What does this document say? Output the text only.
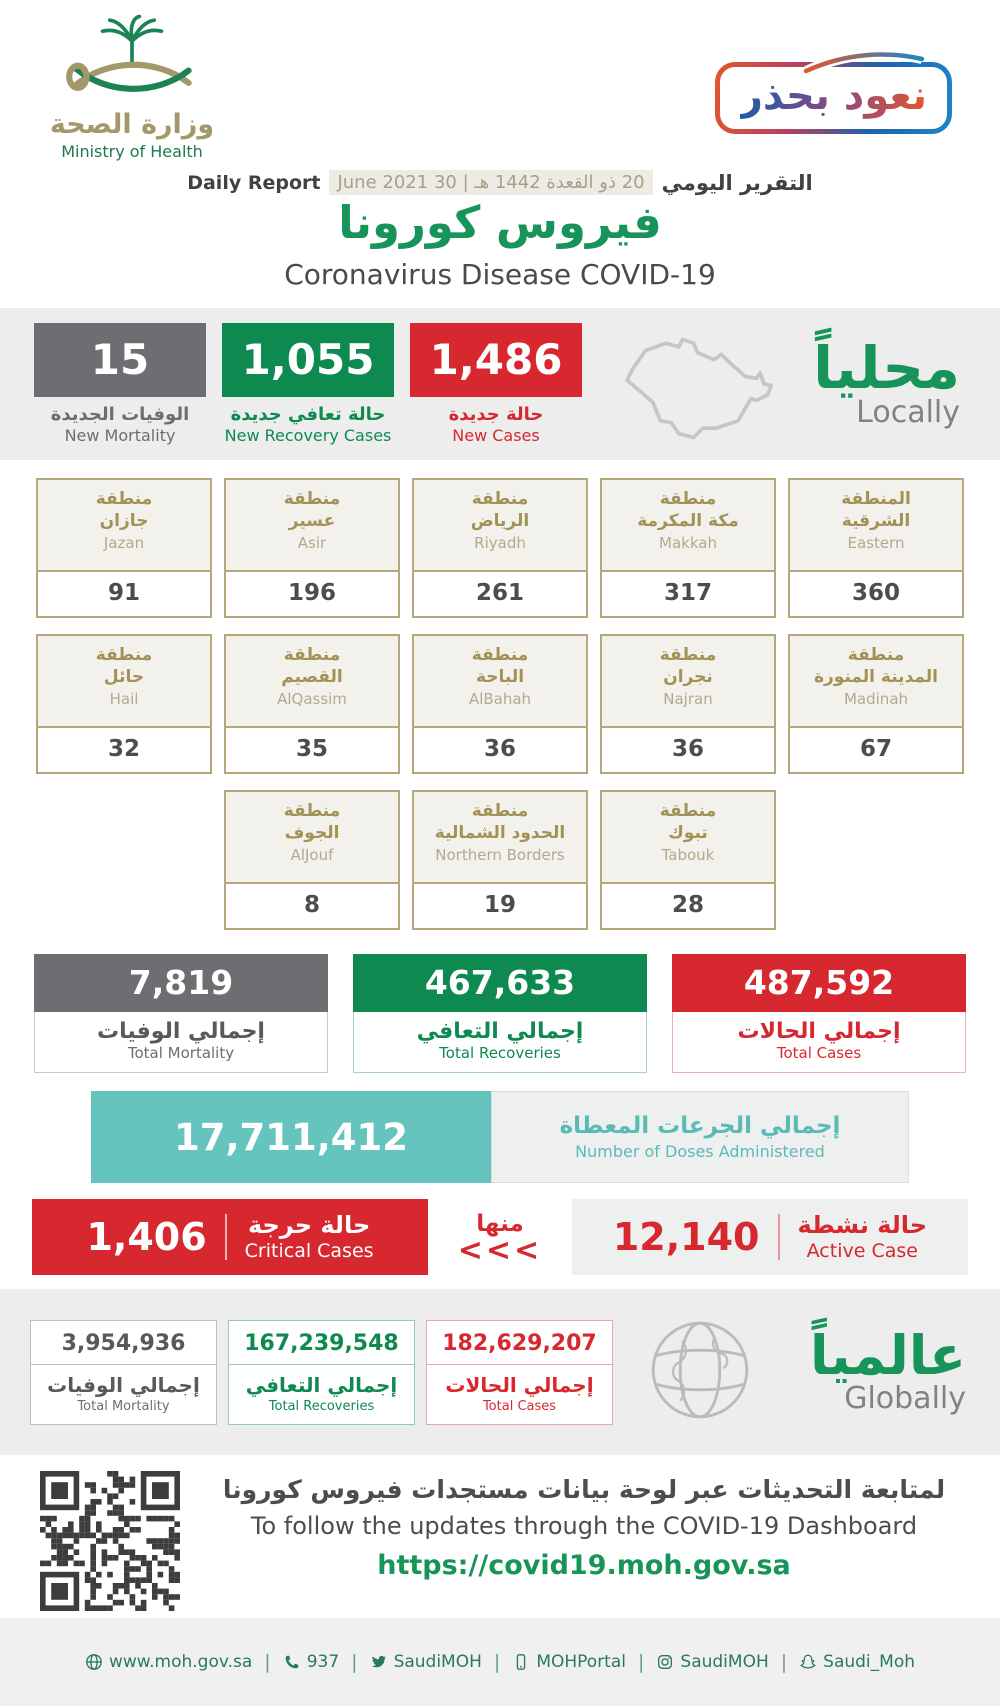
وزارة الصحة
Ministry of Health
نعود بحذر
Daily Report 20 ذو القعدة 1442 هـ | 30 June 2021 التقرير اليومي
فيروس كورونا
Coronavirus Disease COVID-19
15
الوفيات الجديدة
New Mortality
1,055
حالة تعافي جديدة
New Recovery Cases
1,486
حالة جديدة
New Cases
محلياً
Locally
منطقة
جازان
Jazan
91
منطقة
عسير
Asir
196
منطقة
الرياض
Riyadh
261
منطقة
مكة المكرمة
Makkah
317
المنطقة
الشرقية
Eastern
360
منطقة
حائل
Hail
32
منطقة
القصيم
AlQassim
35
منطقة
الباحة
AlBahah
36
منطقة
نجران
Najran
36
منطقة
المدينة المنورة
Madinah
67
منطقة
الجوف
AlJouf
8
منطقة
الحدود الشمالية
Northern Borders
19
منطقة
تبوك
Tabouk
28
7,819
إجمالي الوفيات
Total Mortality
467,633
إجمالي التعافي
Total Recoveries
487,592
إجمالي الحالات
Total Cases
17,711,412	إجمالي الجرعات المعطاة
Number of Doses Administered
1,406 حالة حرجة
Critical Cases
منها
<<< 12,140 حالة نشطة
Active Case
3,954,936
إجمالي الوفيات
Total Mortality
167,239,548
إجمالي التعافي
Total Recoveries
182,629,207
إجمالي الحالات
Total Cases
عالمياً
Globally
لمتابعة التحديثات عبر لوحة بيانات مستجدات فيروس كورونا
To follow the updates through the COVID-19 Dashboard
https://covid19.moh.gov.sa
www.moh.gov.sa | 937 | SaudiMOH | MOHPortal | SaudiMOH | Saudi_Moh
